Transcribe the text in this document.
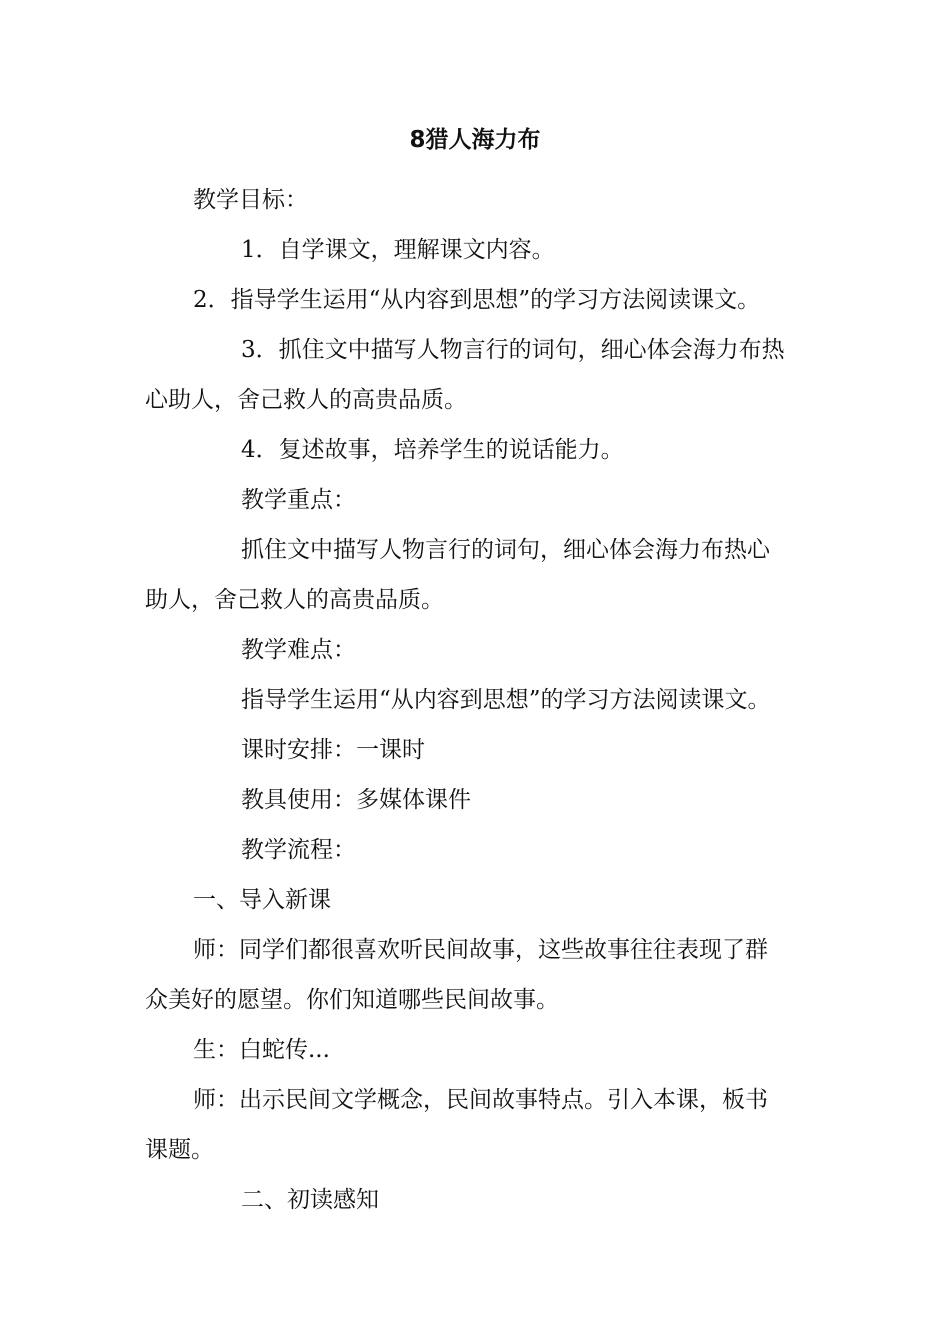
8猎人海力布
教学目标：
1．自学课文，理解课文内容。
2．指导学生运用“从内容到思想”的学习方法阅读课文。
3．抓住文中描写人物言行的词句，细心体会海力布热
心助人，舍己救人的高贵品质。
4．复述故事，培养学生的说话能力。
教学重点：
抓住文中描写人物言行的词句，细心体会海力布热心
助人，舍己救人的高贵品质。
教学难点：
指导学生运用“从内容到思想”的学习方法阅读课文。
课时安排：一课时
教具使用：多媒体课件
教学流程：
一、导入新课
师：同学们都很喜欢听民间故事，这些故事往往表现了群
众美好的愿望。你们知道哪些民间故事。
生：白蛇传...
师：出示民间文学概念，民间故事特点。引入本课，板书
课题。
二、初读感知
